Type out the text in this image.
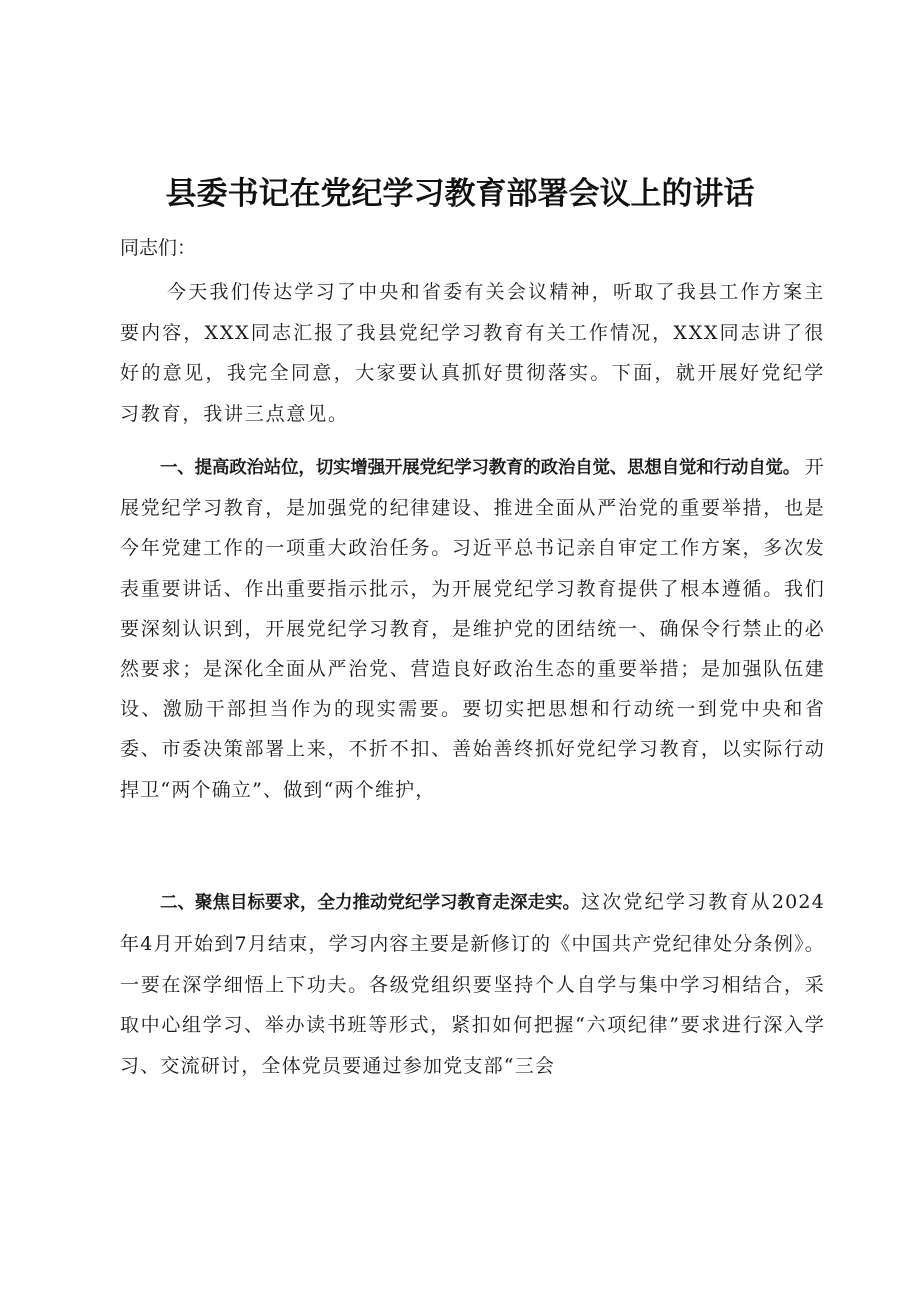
县委书记在党纪学习教育部署会议上的讲话

同志们：

今天我们传达学习了中央和省委有关会议精神，听取了我县工作方案主要内容，XXX同志汇报了我县党纪学习教育有关工作情况，XXX同志讲了很好的意见，我完全同意，大家要认真抓好贯彻落实。下面，就开展好党纪学习教育，我讲三点意见。

一、提高政治站位，切实增强开展党纪学习教育的政治自觉、思想自觉和行动自觉。开展党纪学习教育，是加强党的纪律建设、推进全面从严治党的重要举措，也是今年党建工作的一项重大政治任务。习近平总书记亲自审定工作方案，多次发表重要讲话、作出重要指示批示，为开展党纪学习教育提供了根本遵循。我们要深刻认识到，开展党纪学习教育，是维护党的团结统一、确保令行禁止的必然要求；是深化全面从严治党、营造良好政治生态的重要举措；是加强队伍建设、激励干部担当作为的现实需要。要切实把思想和行动统一到党中央和省委、市委决策部署上来，不折不扣、善始善终抓好党纪学习教育，以实际行动捍卫“两个确立”、做到“两个维护，

二、聚焦目标要求，全力推动党纪学习教育走深走实。这次党纪学习教育从2024年4月开始到7月结束，学习内容主要是新修订的《中国共产党纪律处分条例》。一要在深学细悟上下功夫。各级党组织要坚持个人自学与集中学习相结合，采取中心组学习、举办读书班等形式，紧扣如何把握“六项纪律”要求进行深入学习、交流研讨，全体党员要通过参加党支部“三会
